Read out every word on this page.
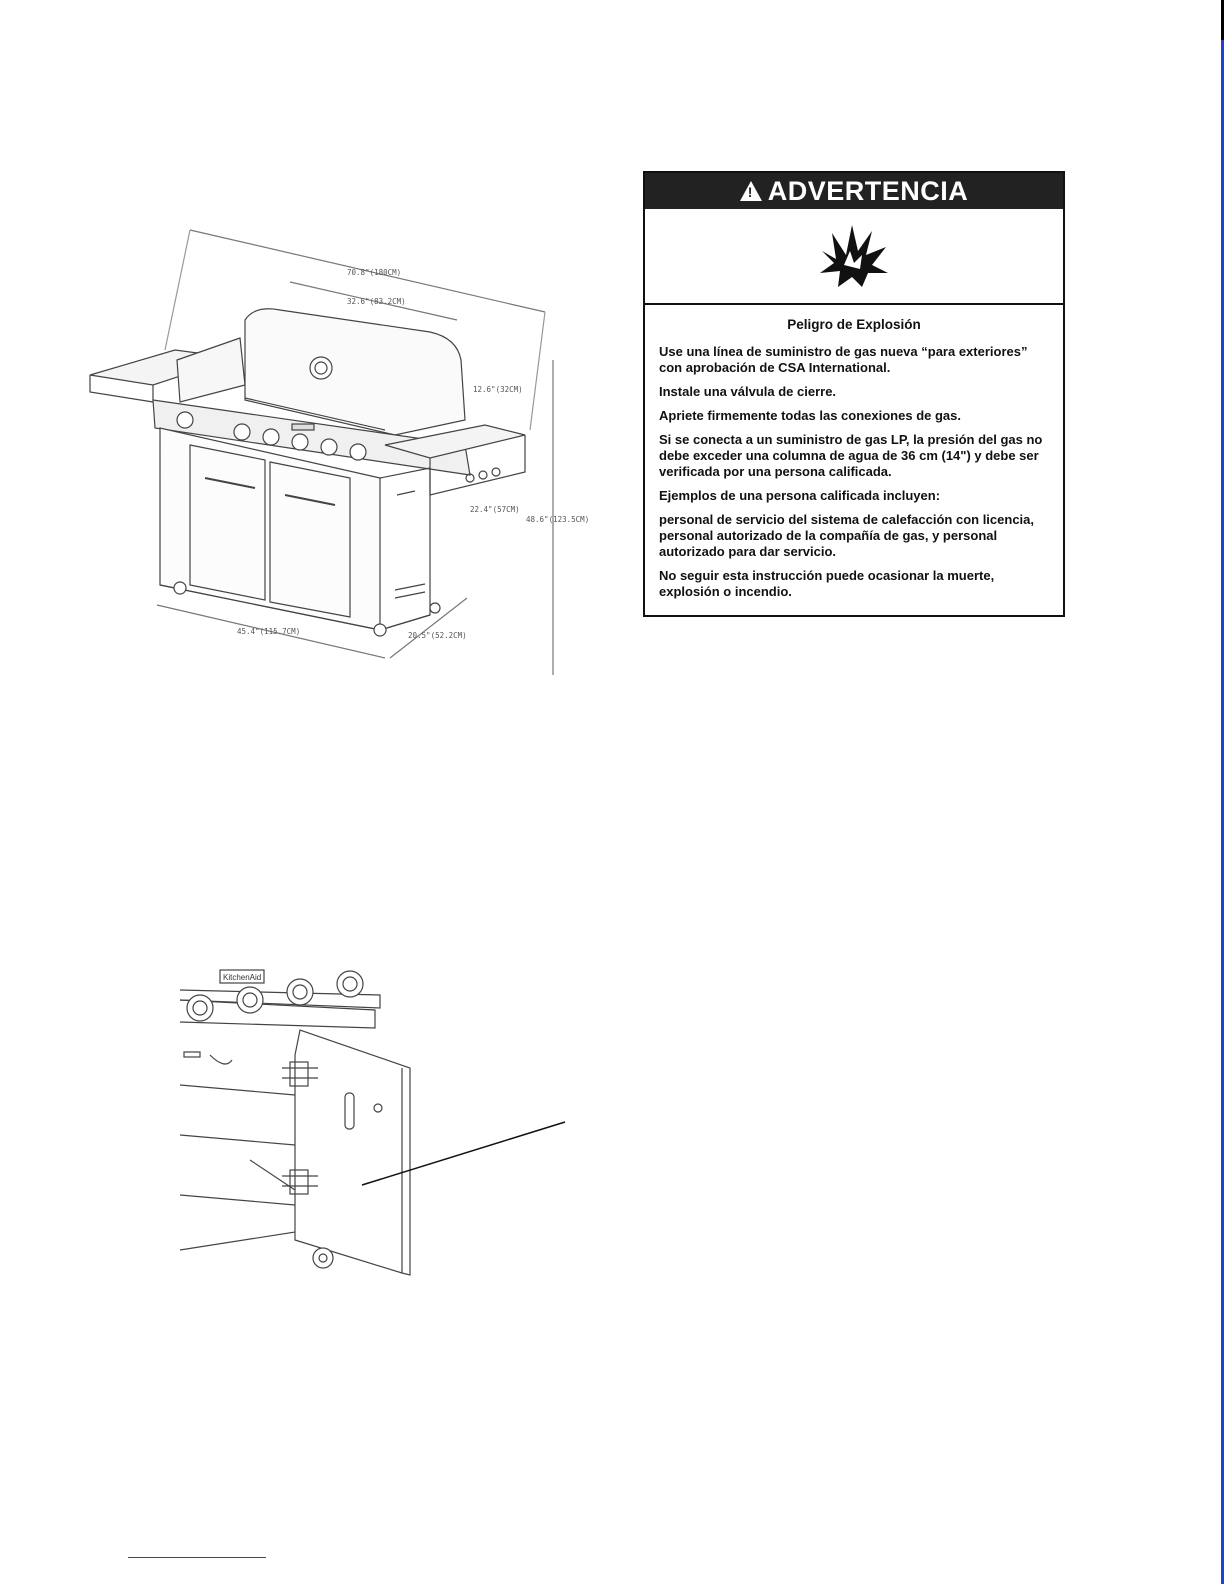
70.8"(180CM)
32.6"(83.2CM)
12.6"(32CM)
22.4"(57CM)
48.6"(123.5CM)
45.4"(115.7CM)	20.5"(52.2CM)
!
ADVERTENCIA
Peligro de Explosión

Use una línea de suministro de gas nueva “para exteriores” con aprobación de CSA International.

Instale una válvula de cierre.

Apriete firmemente todas las conexiones de gas.

Si se conecta a un suministro de gas LP, la presión del gas no debe exceder una columna de agua de 36 cm (14") y debe ser verificada por una persona calificada.

Ejemplos de una persona calificada incluyen:

personal de servicio del sistema de calefacción con licencia, personal autorizado de la compañía de gas, y personal autorizado para dar servicio.

No seguir esta instrucción puede ocasionar la muerte, explosión o incendio.

KitchenAid
